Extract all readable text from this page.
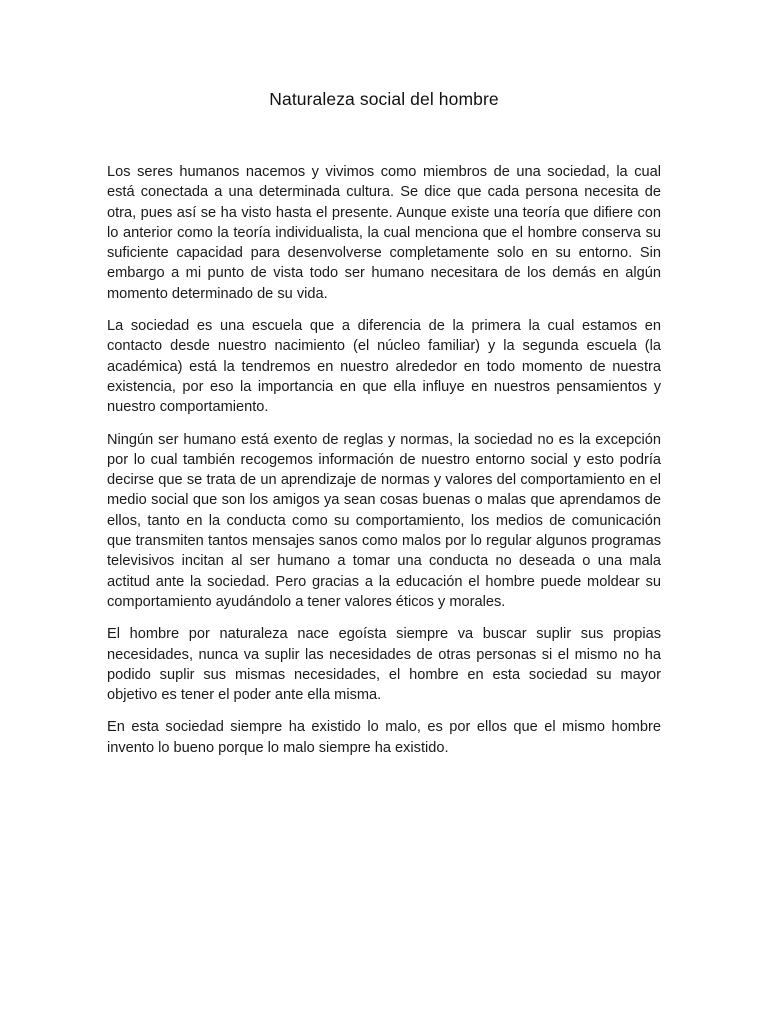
Naturaleza social del hombre

Los seres humanos nacemos y vivimos como miembros de una sociedad, la cual está conectada a una determinada cultura. Se dice que cada persona necesita de otra, pues así se ha visto hasta el presente. Aunque existe una teoría que difiere con lo anterior como la teoría individualista, la cual menciona que el hombre conserva su suficiente capacidad para desenvolverse completamente solo en su entorno. Sin embargo a mi punto de vista todo ser humano necesitara de los demás en algún momento determinado de su vida.

La sociedad es una escuela que a diferencia de la primera la cual estamos en contacto desde nuestro nacimiento (el núcleo familiar) y la segunda escuela (la académica) está la tendremos en nuestro alrededor en todo momento de nuestra existencia, por eso la importancia en que ella influye en nuestros pensamientos y nuestro comportamiento.

Ningún ser humano está exento de reglas y normas, la sociedad no es la excepción por lo cual también recogemos información de nuestro entorno social y esto podría decirse que se trata de un aprendizaje de normas y valores del comportamiento en el medio social que son los amigos ya sean cosas buenas o malas que aprendamos de ellos, tanto en la conducta como su comportamiento, los medios de comunicación que transmiten tantos mensajes sanos como malos por lo regular algunos programas televisivos incitan al ser humano a tomar una conducta no deseada o una mala actitud ante la sociedad. Pero gracias a la educación el hombre puede moldear su comportamiento ayudándolo a tener valores éticos y morales.

El hombre por naturaleza nace egoísta siempre va buscar suplir sus propias necesidades, nunca va suplir las necesidades de otras personas si el mismo no ha podido suplir sus mismas necesidades, el hombre en esta sociedad su mayor objetivo es tener el poder ante ella misma.

En esta sociedad siempre ha existido lo malo, es por ellos que el mismo hombre invento lo bueno porque lo malo siempre ha existido.
